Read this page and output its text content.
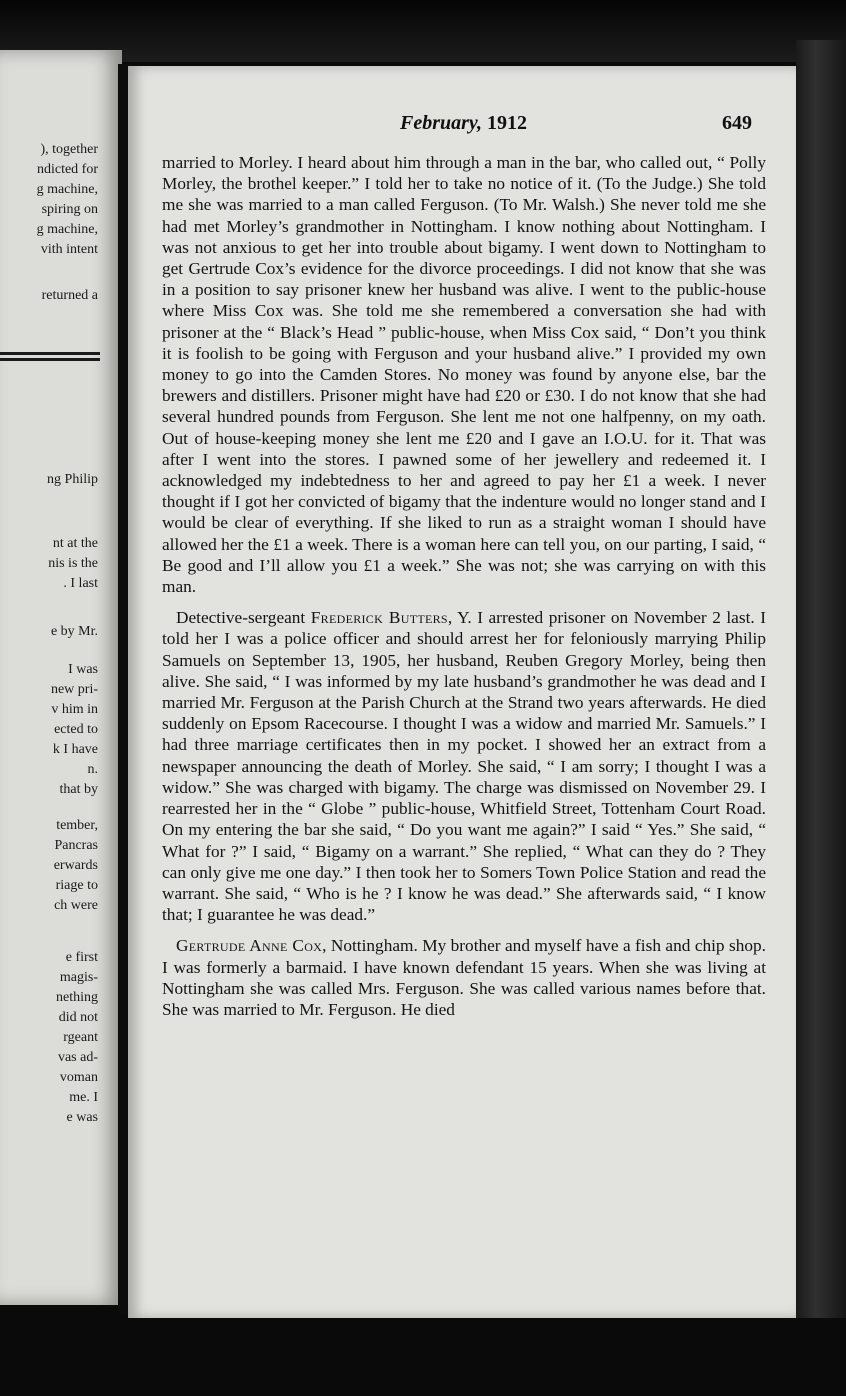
), together
ndicted for
g machine,
spiring on
g machine,
vith intent
returned a
ng Philip
nt at the
nis is the
. I last
e by Mr.
I was
new pri-
v him in
ected to
k I have
n.
that by
tember,
Pancras
erwards
riage to
ch were
e first
magis-
nething
did not
rgeant
vas ad-
voman
me. I
e was
February, 1912	649

married to Morley. I heard about him through a man in the bar, who called out, “ Polly Morley, the brothel keeper.” I told her to take no notice of it. (To the Judge.) She told me she was married to a man called Ferguson. (To Mr. Walsh.) She never told me she had met Morley’s grandmother in Nottingham. I know nothing about Nottingham. I was not anxious to get her into trouble about bigamy. I went down to Nottingham to get Gertrude Cox’s evidence for the divorce proceedings. I did not know that she was in a position to say prisoner knew her husband was alive. I went to the public-house where Miss Cox was. She told me she remembered a conversation she had with prisoner at the “ Black’s Head ” public-house, when Miss Cox said, “ Don’t you think it is foolish to be going with Ferguson and your husband alive.” I provided my own money to go into the Camden Stores. No money was found by anyone else, bar the brewers and distillers. Prisoner might have had £20 or £30. I do not know that she had several hundred pounds from Ferguson. She lent me not one halfpenny, on my oath. Out of house-keeping money she lent me £20 and I gave an I.O.U. for it. That was after I went into the stores. I pawned some of her jewellery and redeemed it. I acknowledged my indebtedness to her and agreed to pay her £1 a week. I never thought if I got her convicted of bigamy that the indenture would no longer stand and I would be clear of everything. If she liked to run as a straight woman I should have allowed her the £1 a week. There is a woman here can tell you, on our parting, I said, “ Be good and I’ll allow you £1 a week.” She was not; she was carrying on with this man.

Detective-sergeant Frederick Butters, Y. I arrested prisoner on November 2 last. I told her I was a police officer and should arrest her for feloniously marrying Philip Samuels on September 13, 1905, her husband, Reuben Gregory Morley, being then alive. She said, “ I was informed by my late husband’s grandmother he was dead and I married Mr. Ferguson at the Parish Church at the Strand two years afterwards. He died suddenly on Epsom Racecourse. I thought I was a widow and married Mr. Samuels.” I had three marriage certificates then in my pocket. I showed her an extract from a newspaper announcing the death of Morley. She said, “ I am sorry; I thought I was a widow.” She was charged with bigamy. The charge was dismissed on November 29. I rearrested her in the “ Globe ” public-house, Whitfield Street, Tottenham Court Road. On my entering the bar she said, “ Do you want me again?” I said “ Yes.” She said, “ What for ?” I said, “ Bigamy on a warrant.” She replied, “ What can they do ? They can only give me one day.” I then took her to Somers Town Police Station and read the warrant. She said, “ Who is he ? I know he was dead.” She afterwards said, “ I know that; I guarantee he was dead.”

Gertrude Anne Cox, Nottingham. My brother and myself have a fish and chip shop. I was formerly a barmaid. I have known defendant 15 years. When she was living at Nottingham she was called Mrs. Ferguson. She was called various names before that. She was married to Mr. Ferguson. He died
